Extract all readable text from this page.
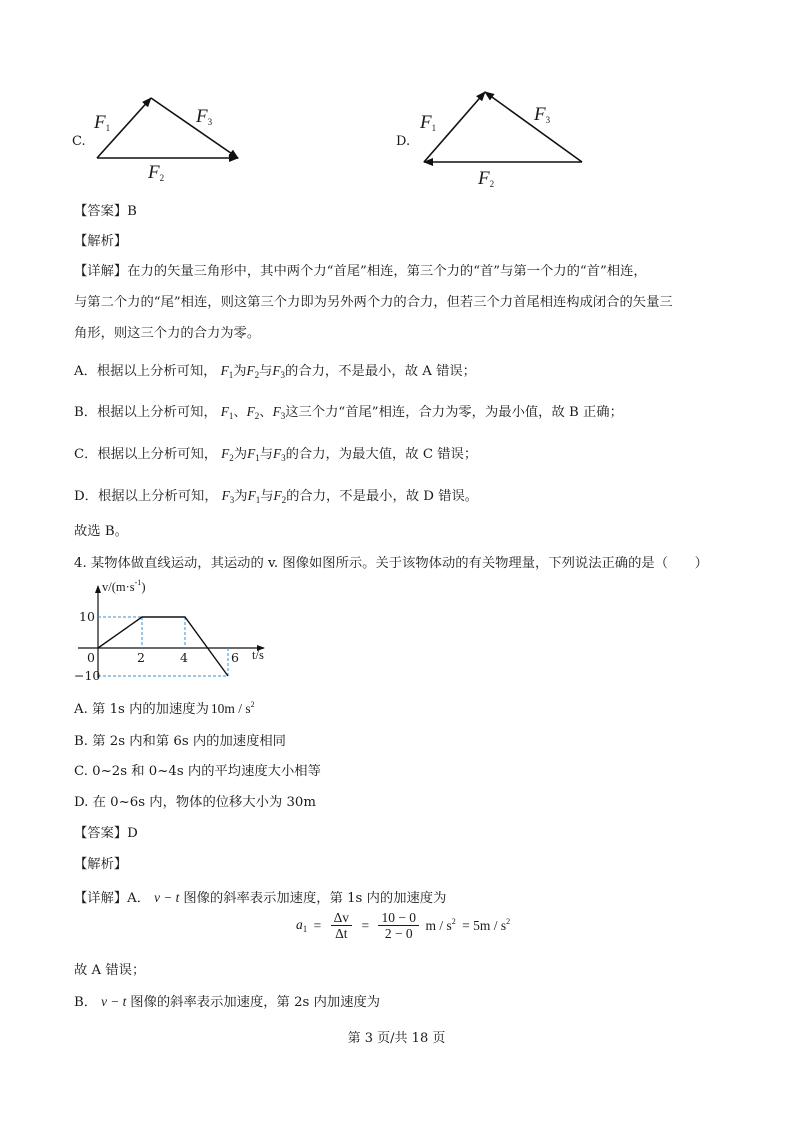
C.
$F_1$
$F_3$
$F_2$
D.
$F_1$
$F_3$
$F_2$
【答案】B
【解析】
【详解】在力的矢量三角形中，其中两个力“首尾”相连，第三个力的“首”与第一个力的“首”相连，
与第二个力的“尾”相连，则这第三个力即为另外两个力的合力，但若三个力首尾相连构成闭合的矢量三
角形，则这三个力的合力为零。
A．根据以上分析可知， $F_1$为$F_2$与$F_3$的合力，不是最小，故 A 错误；
B．根据以上分析可知， $F_1$、$F_2$、$F_3$这三个力“首尾”相连，合力为零，为最小值，故 B 正确；
C．根据以上分析可知， $F_2$为$F_1$与$F_3$的合力，为最大值，故 C 错误；
D．根据以上分析可知， $F_3$为$F_1$与$F_2$的合力，不是最小，故 D 错误。
故选 B。
4. 某物体做直线运动，其运动的 v. 图像如图所示。关于该物体动的有关物理量，下列说法正确的是（　　）
$v/(m\cdot s^{-1})$
t/s
10
−10
0	2	4	6
A. 第 1s 内的加速度为 $10m / s^2$
B. 第 2s 内和第 6s 内的加速度相同
C. 0~2s 和 0~4s 内的平均速度大小相等
D. 在 0~6s 内，物体的位移大小为 30m
【答案】D
【解析】
【详解】A． v − t 图像的斜率表示加速度，第 1s 内的加速度为
$a_1 = \frac{\Delta v}{\Delta t} = \frac{10 - 0}{2 - 0}$ $m / s^2 = 5m / s^2$
故 A 错误；
B． v − t 图像的斜率表示加速度，第 2s 内加速度为
第 3 页/共 18 页
